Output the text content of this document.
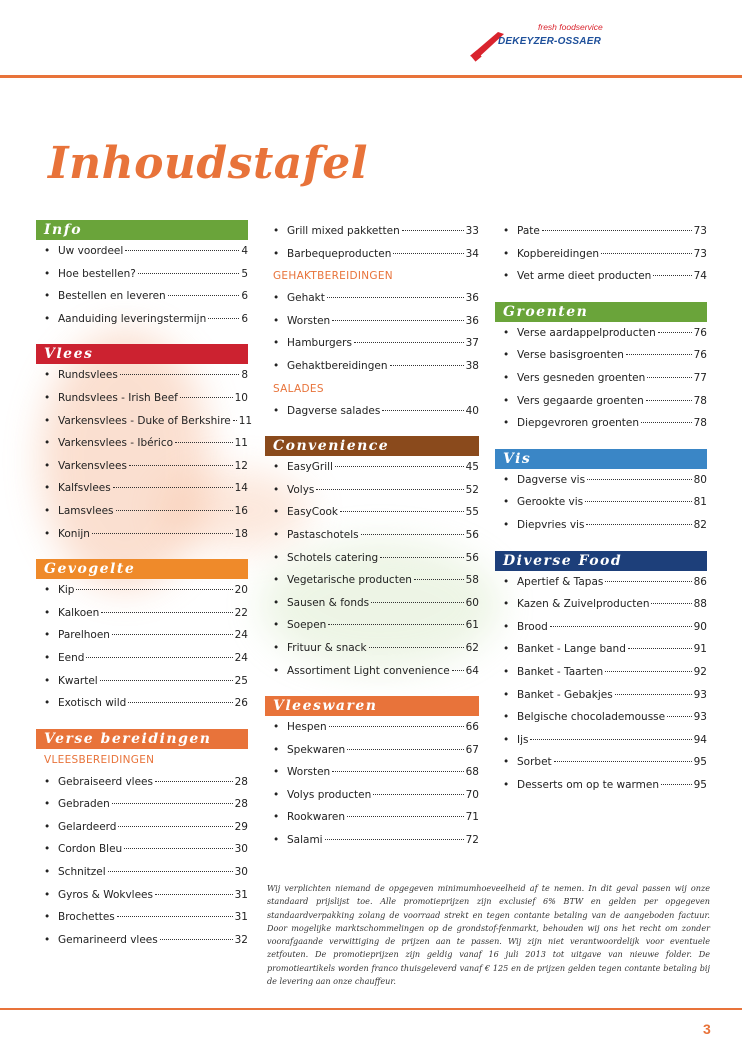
fresh foodservice
DEKEYZER-OSSAER
Inhoudstafel
Info
• Uw voordeel	4
• Hoe bestellen?	5
• Bestellen en leveren	6
• Aanduiding leveringstermijn	6
Vlees
• Rundsvlees	8
• Rundsvlees - Irish Beef	10
• Varkensvlees - Duke of Berkshire 11
• Varkensvlees - Ibérico	11
• Varkensvlees	12
• Kalfsvlees	14
• Lamsvlees	16
• Konijn	18
Gevogelte
• Kip	20
• Kalkoen	22
• Parelhoen	24
• Eend	24
• Kwartel	25
• Exotisch wild	26
Verse bereidingen
VLEESBEREIDINGEN
• Gebraiseerd vlees	28
• Gebraden	28
• Gelardeerd	29
• Cordon Bleu	30
• Schnitzel	30
• Gyros & Wokvlees	31
• Brochettes	31
• Gemarineerd vlees	32
• Grill mixed pakketten	33
• Barbequeproducten	34
GEHAKTBEREIDINGEN
• Gehakt	36
• Worsten	36
• Hamburgers	37
• Gehaktbereidingen	38
SALADES
• Dagverse salades	40
Convenience
• EasyGrill	45
• Volys	52
• EasyCook	55
• Pastaschotels	56
• Schotels catering	56
• Vegetarische producten	58
• Sausen & fonds	60
• Soepen	61
• Frituur & snack	62
• Assortiment Light convenience 64
Vleeswaren
• Hespen	66
• Spekwaren	67
• Worsten	68
• Volys producten	70
• Rookwaren	71
• Salami	72
• Pate	73
• Kopbereidingen	73
• Vet arme dieet producten	74
Groenten
• Verse aardappelproducten	76
• Verse basisgroenten	76
• Vers gesneden groenten	77
• Vers gegaarde groenten	78
• Diepgevroren groenten	78
Vis
• Dagverse vis	80
• Gerookte vis	81
• Diepvries vis	82
Diverse Food
• Apertief & Tapas	86
• Kazen & Zuivelproducten	88
• Brood	90
• Banket - Lange band	91
• Banket - Taarten	92
• Banket - Gebakjes	93
• Belgische chocolademousse	93
• Ijs	94
• Sorbet	95
• Desserts om op te warmen	95

Wij verplichten niemand de opgegeven minimumhoeveelheid af te nemen. In dit geval passen wij onze standaard prijslijst toe. Alle promotieprijzen zijn exclusief 6% BTW en gelden per opgegeven standaardverpakking zolang de voorraad strekt en tegen contante betaling van de aangeboden factuur. Door mogelijke marktschommelingen op de grondstof-fenmarkt, behouden wij ons het recht om zonder voorafgaande verwittiging de prijzen aan te passen. Wij zijn niet verantwoordelijk voor eventuele zetfouten. De promotieprijzen zijn geldig vanaf 16 juli 2013 tot uitgave van nieuwe folder. De promotieartikels worden franco thuisgeleverd vanaf € 125 en de prijzen gelden tegen contante betaling bij de levering aan onze chauffeur.

3
